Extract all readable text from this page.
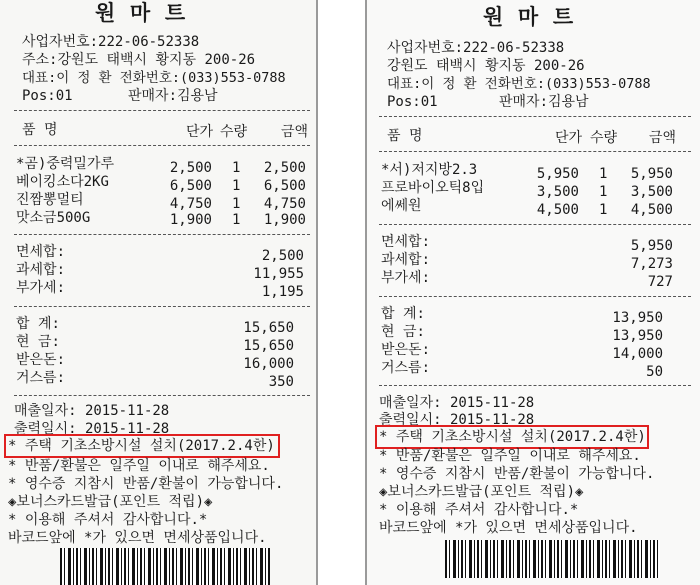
원 마 트
사업자번호:222-06-52338
주소:강원도 태백시 황지동 200-26
대표:이 정 환 전화번호:(033)553-0788
Pos:01	판매자:김용남
품 명	단가 수량 금액
*곰)중력밀가루	2,500 1	2,500
베이킹소다2KG	6,500 1	6,500
진짬뽕멀티	4,750 1	4,750
맛소금500G	1,900 1	1,900
면세합:	2,500
과세합:	11,955
부가세:	1,195
합 계:	15,650
현 금:	15,650
받은돈:	16,000
거스름:	350
매출일자: 2015-11-28
출력일시: 2015-11-28
* 주택 기초소방시설 설치(2017.2.4한)
* 반품/환불은 일주일 이내로 해주세요.
* 영수증 지참시 반품/환불이 가능합니다.
◈보너스카드발급(포인트 적립)◈
* 이용해 주셔서 감사합니다.*
바코드앞에 *가 있으면 면세상품입니다.
원 마 트
사업자번호:222-06-52338
강원도 태백시 황지동 200-26
대표:이 정 환 전화번호:(033)553-0788
Pos:01	판매자:김용남
품 명	단가 수량 금액
*서)저지방2.3	5,950 1	5,950
프로바이오틱8입	3,500 1	3,500
에쎄원	4,500 1	4,500
면세합:	5,950
과세합:	7,273
부가세:	727
합 계:	13,950
현 금:	13,950
받은돈:	14,000
거스름:	50
매출일자: 2015-11-28
출력일시: 2015-11-28
* 주택 기초소방시설 설치(2017.2.4한)
* 반품/환불은 일주일 이내로 해주세요.
* 영수증 지참시 반품/환불이 가능합니다.
◈보너스카드발급(포인트 적립)◈
* 이용해 주셔서 감사합니다.*
바코드앞에 *가 있으면 면세상품입니다.
